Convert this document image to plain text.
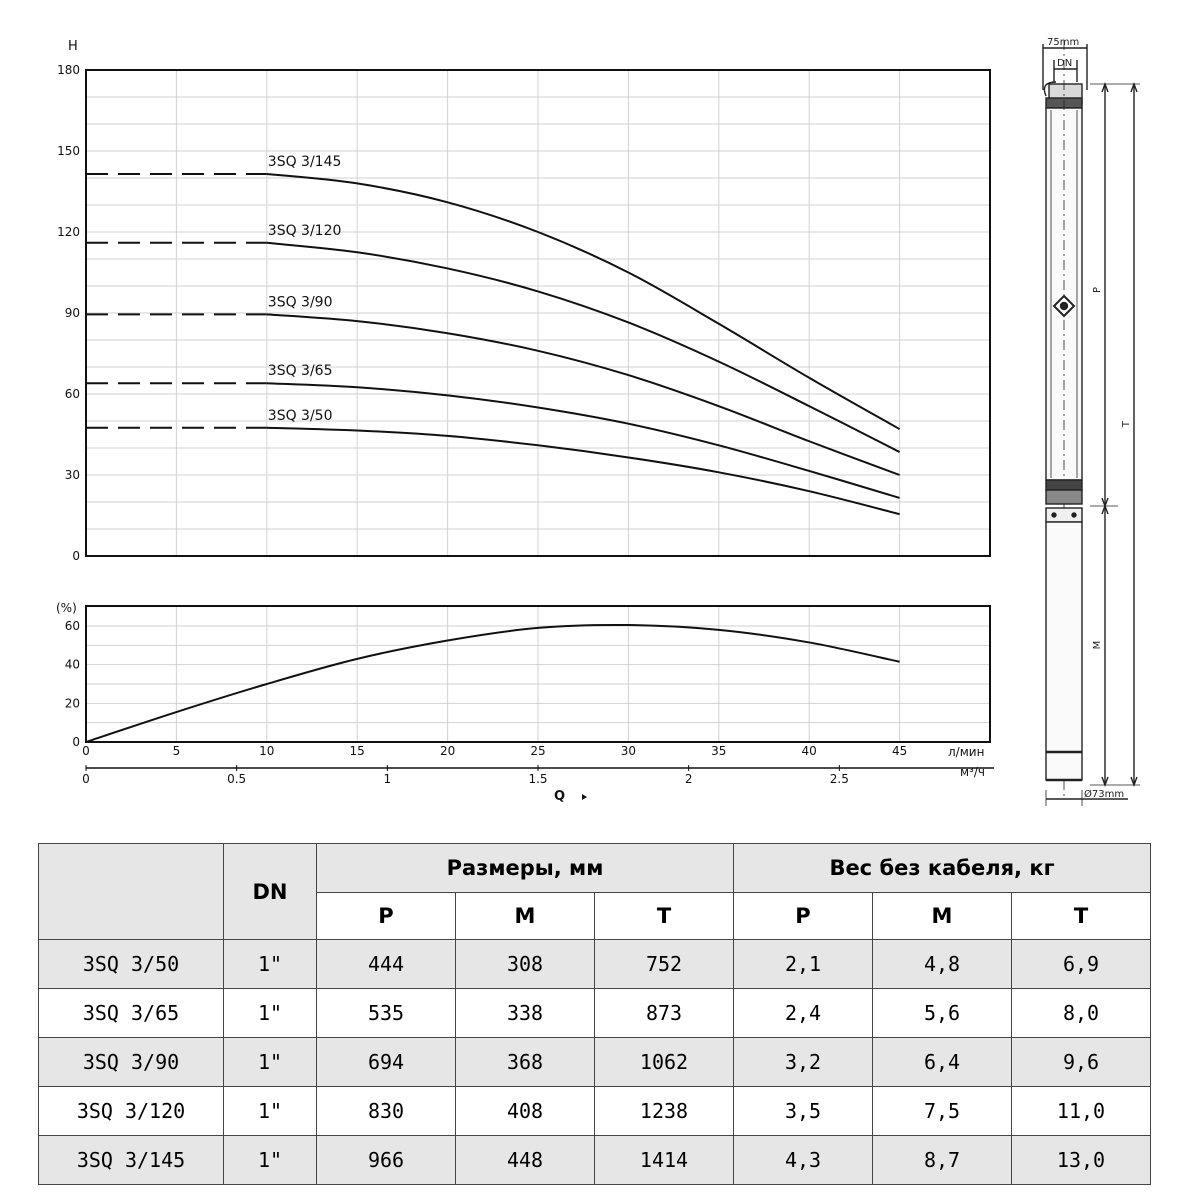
H
0
30
60
90
120
150
180
3SQ 3/50
3SQ 3/65
3SQ 3/90
3SQ 3/120
3SQ 3/145
(%)
0
20
40
60
0	5	10	15	20	25	30	35	40	45	л/мин
0	0.5	1	1.5	2	2.5	м³/ч
Q
75mm
DN
P
T
M
Ø73mm
	DN	Размеры, мм			Вес без кабеля, кг		
		P	M	T	P	M	T
3SQ 3/50	1"	444	308	752	2,1	4,8	6,9
3SQ 3/65	1"	535	338	873	2,4	5,6	8,0
3SQ 3/90	1"	694	368	1062	3,2	6,4	9,6
3SQ 3/120	1"	830	408	1238	3,5	7,5	11,0
3SQ 3/145	1"	966	448	1414	4,3	8,7	13,0
